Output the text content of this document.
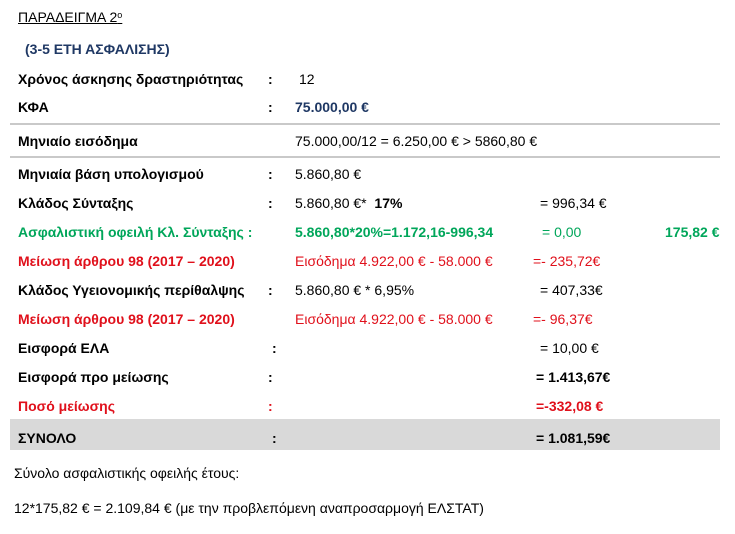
ΠΑΡΑΔΕΙΓΜΑ $2^o$
(3-5 ΕΤΗ ΑΣΦΑΛΙΣΗΣ)
Χρόνος άσκησης δραστηριότητας : 12
ΚΦΑ	: 75.000,00 €
Μηνιαίο εισόδημα	75.000,00/12 = 6.250,00 € > 5860,80 €
Μηνιαία βάση υπολογισμού	: 5.860,80 €
Κλάδος Σύνταξης	: 5.860,80 €* 17%	= 996,34 €
Ασφαλιστική οφειλή Κλ. Σύνταξης :	5.860,80*20%=1.172,16-996,34	= 0,00	175,82 €
Μείωση άρθρου 98 (2017 – 2020)	Εισόδημα 4.922,00 € - 58.000 €	=- 235,72€
Κλάδος Υγειονομικής περίθαλψης : 5.860,80 € * 6,95%	= 407,33€
Μείωση άρθρου 98 (2017 – 2020)	Εισόδημα 4.922,00 € - 58.000 €	=- 96,37€
Εισφορά ΕΛΑ	:	= 10,00 €
Εισφορά προ μείωσης	:	= 1.413,67€
Ποσό μείωσης	:	=-332,08 €
ΣΥΝΟΛΟ	:	= 1.081,59€
Σύνολο ασφαλιστικής οφειλής έτους:
12*175,82 € = 2.109,84 € (με την προβλεπόμενη αναπροσαρμογή ΕΛΣΤΑΤ)
